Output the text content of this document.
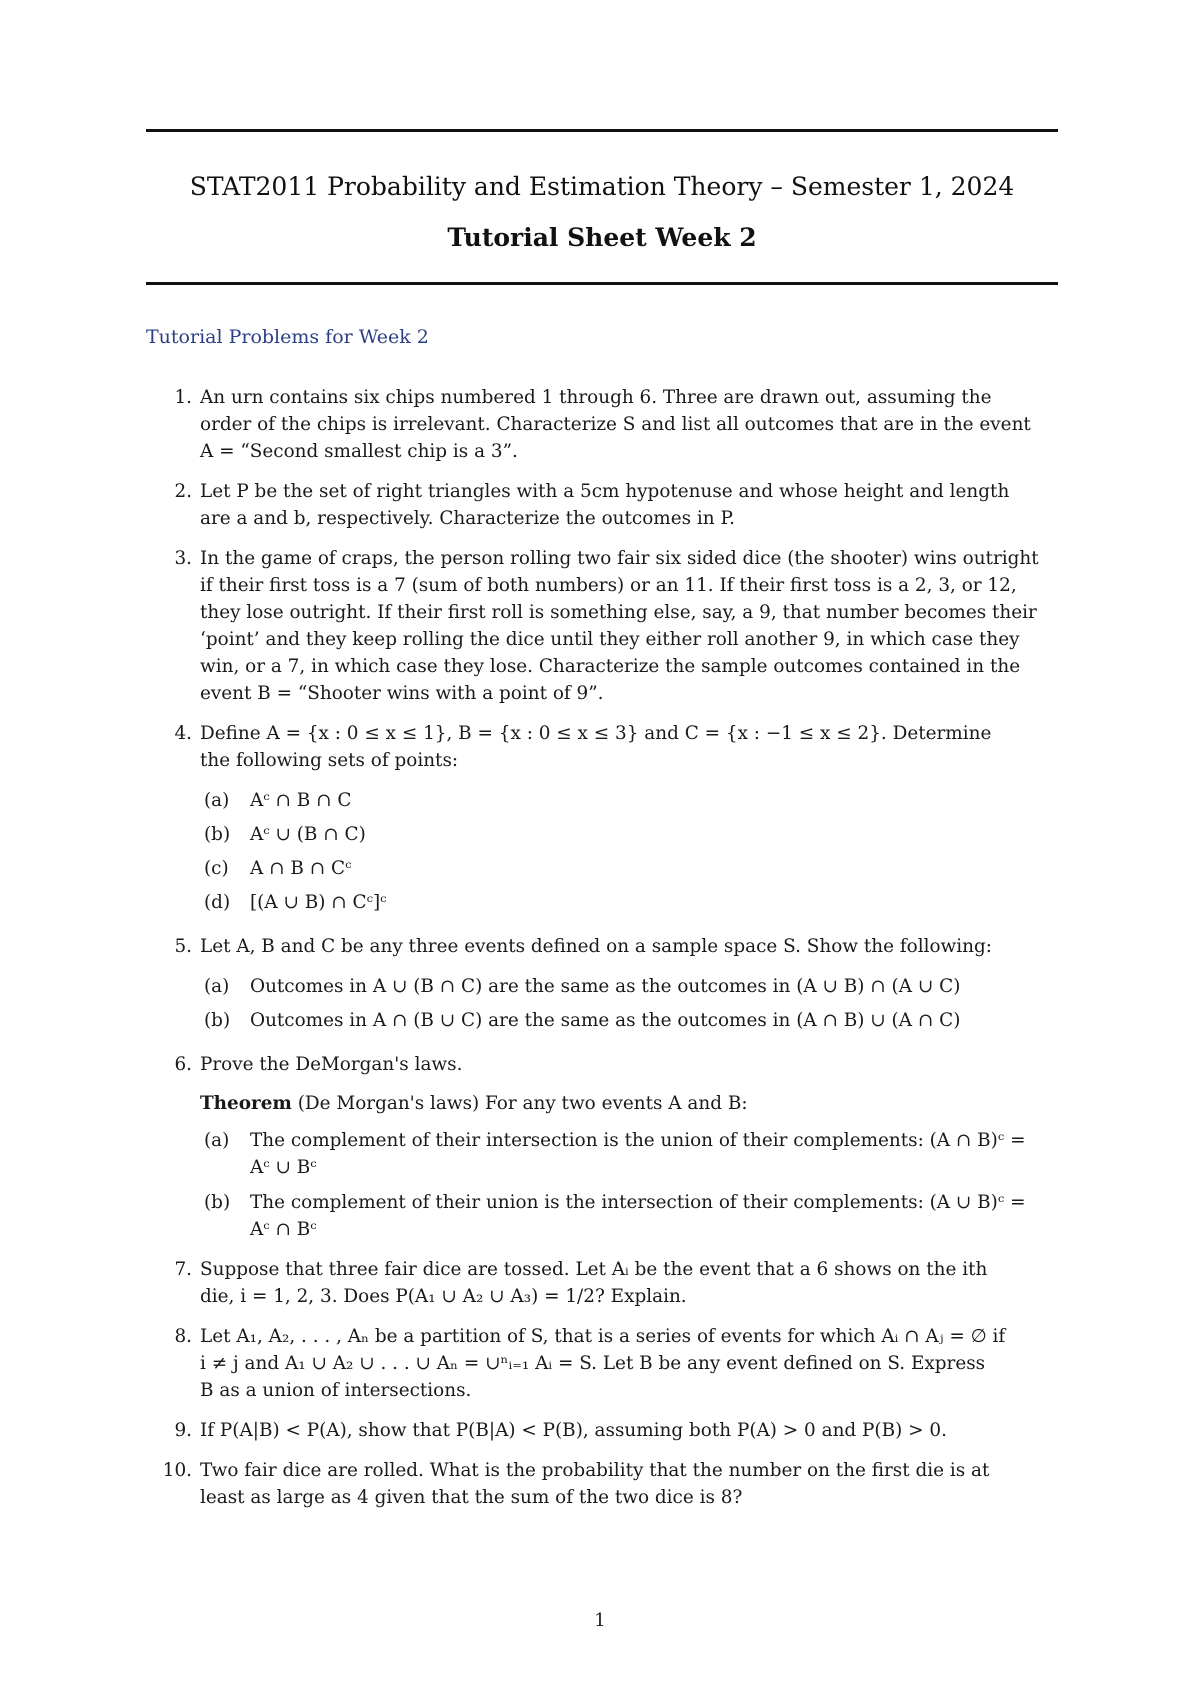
STAT2011 Probability and Estimation Theory – Semester 1, 2024
Tutorial Sheet Week 2
Tutorial Problems for Week 2
1. An urn contains six chips numbered 1 through 6. Three are drawn out, assuming the
order of the chips is irrelevant. Characterize S and list all outcomes that are in the event
A = “Second smallest chip is a 3”.
2. Let P be the set of right triangles with a 5cm hypotenuse and whose height and length
are a and b, respectively. Characterize the outcomes in P.
3. In the game of craps, the person rolling two fair six sided dice (the shooter) wins outright
if their first toss is a 7 (sum of both numbers) or an 11. If their first toss is a 2, 3, or 12,
they lose outright. If their first roll is something else, say, a 9, that number becomes their
‘point’ and they keep rolling the dice until they either roll another 9, in which case they
win, or a 7, in which case they lose. Characterize the sample outcomes contained in the
event B = “Shooter wins with a point of 9”.
4. Define A = {x : 0 ≤ x ≤ 1}, B = {x : 0 ≤ x ≤ 3} and C = {x : −1 ≤ x ≤ 2}. Determine
the following sets of points:
(a) Aᶜ ∩ B ∩ C
(b) Aᶜ ∪ (B ∩ C)
(c) A ∩ B ∩ Cᶜ
(d) [(A ∪ B) ∩ Cᶜ]ᶜ
5. Let A, B and C be any three events defined on a sample space S. Show the following:
(a) Outcomes in A ∪ (B ∩ C) are the same as the outcomes in (A ∪ B) ∩ (A ∪ C)
(b) Outcomes in A ∩ (B ∪ C) are the same as the outcomes in (A ∩ B) ∪ (A ∩ C)
6. Prove the DeMorgan's laws.
Theorem (De Morgan's laws) For any two events A and B:
(a) The complement of their intersection is the union of their complements: (A ∩ B)ᶜ =
Aᶜ ∪ Bᶜ
(b) The complement of their union is the intersection of their complements: (A ∪ B)ᶜ =
Aᶜ ∩ Bᶜ
7. Suppose that three fair dice are tossed. Let Aᵢ be the event that a 6 shows on the ith
die, i = 1, 2, 3. Does P(A₁ ∪ A₂ ∪ A₃) = 1/2? Explain.
8. Let A₁, A₂, . . . , Aₙ be a partition of S, that is a series of events for which Aᵢ ∩ Aⱼ = ∅ if
i ≠ j and A₁ ∪ A₂ ∪ . . . ∪ Aₙ = ∪ⁿᵢ₌₁ Aᵢ = S. Let B be any event defined on S. Express
B as a union of intersections.
9. If P(A|B) < P(A), show that P(B|A) < P(B), assuming both P(A) > 0 and P(B) > 0.
10. Two fair dice are rolled. What is the probability that the number on the first die is at
least as large as 4 given that the sum of the two dice is 8?
1
